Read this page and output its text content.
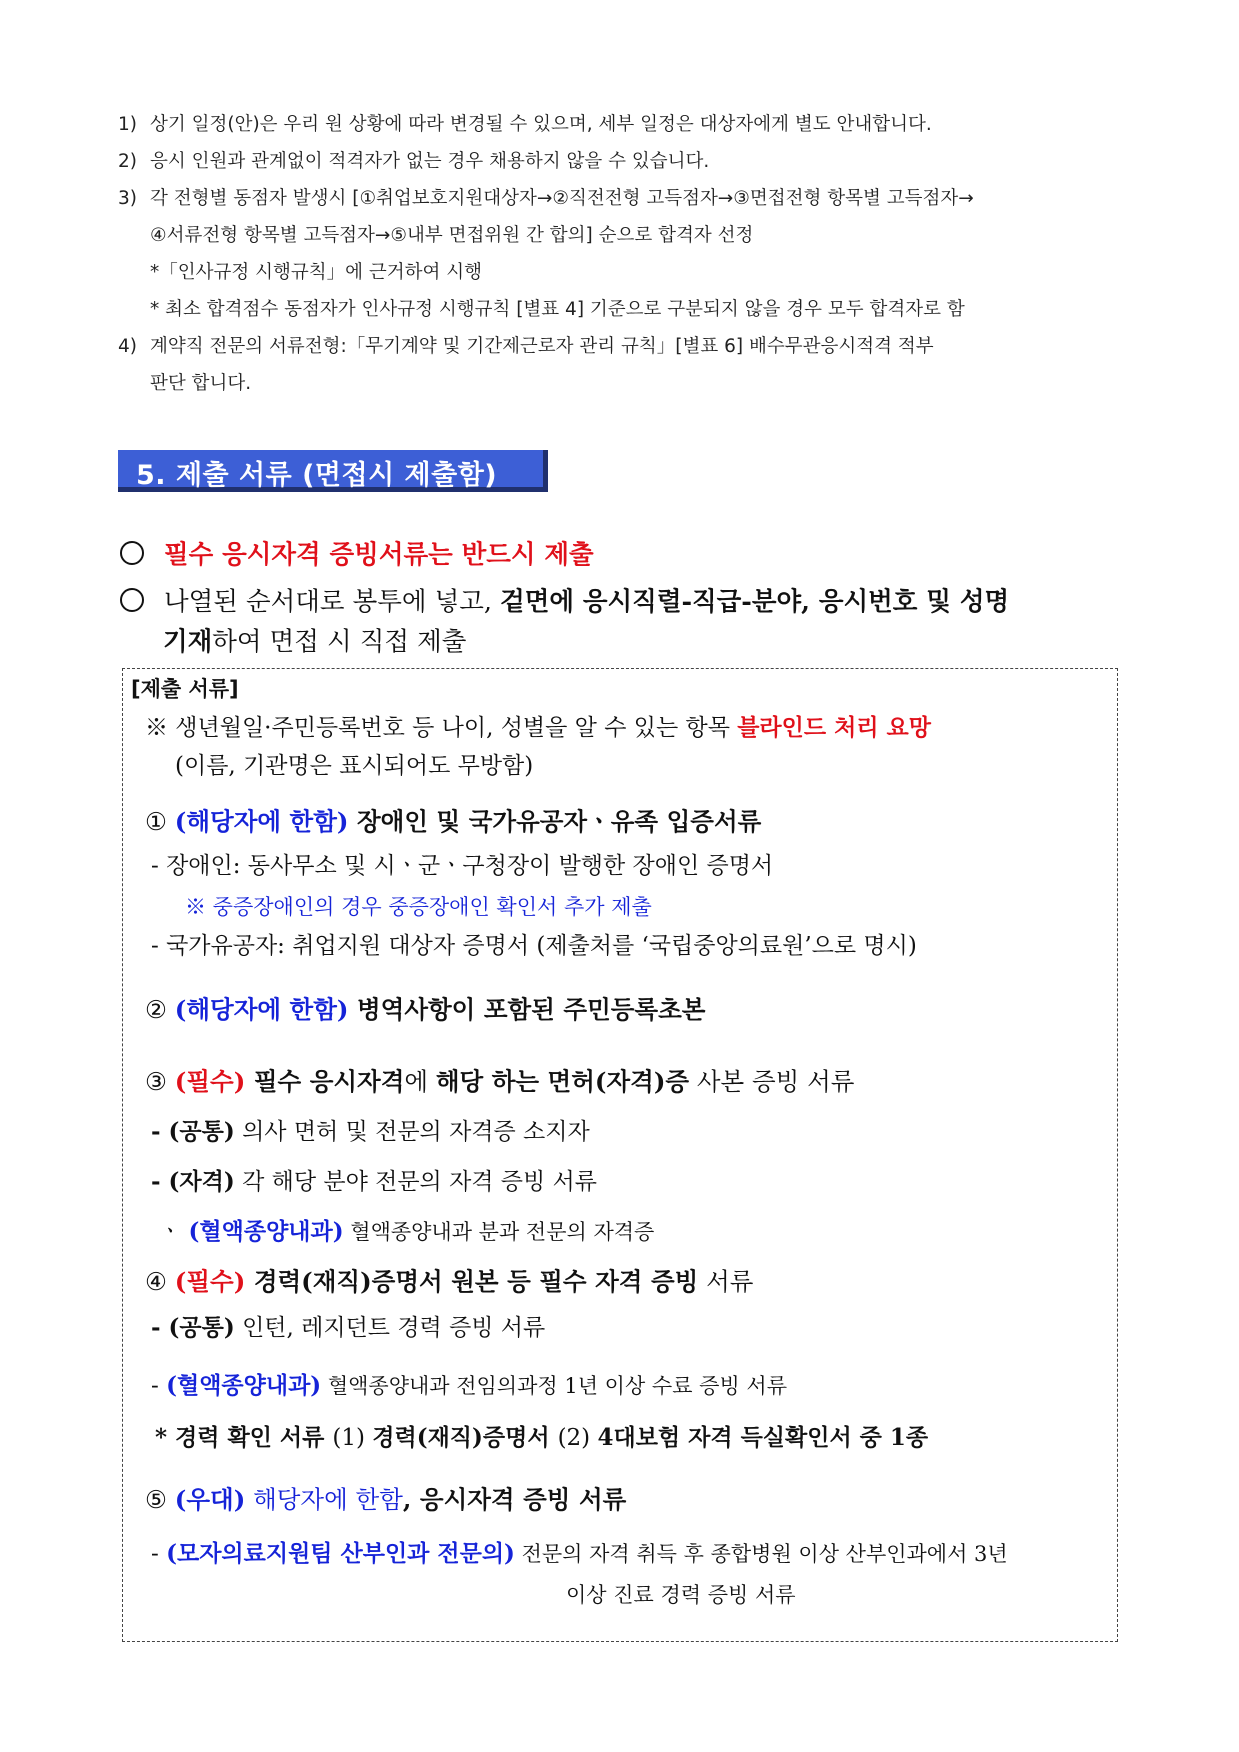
1) 상기 일정(안)은 우리 원 상황에 따라 변경될 수 있으며, 세부 일정은 대상자에게 별도 안내합니다.
2) 응시 인원과 관계없이 적격자가 없는 경우 채용하지 않을 수 있습니다.
3) 각 전형별 동점자 발생시 [①취업보호지원대상자→②직전전형 고득점자→③면접전형 항목별 고득점자→
④서류전형 항목별 고득점자→⑤내부 면접위원 간 합의] 순으로 합격자 선정
*「인사규정 시행규칙」에 근거하여 시행
* 최소 합격점수 동점자가 인사규정 시행규칙 [별표 4] 기준으로 구분되지 않을 경우 모두 합격자로 함
4) 계약직 전문의 서류전형:「무기계약 및 기간제근로자 관리 규칙」[별표 6] 배수무관응시적격 적부
판단 합니다.
5. 제출 서류 (면접시 제출함)
필수 응시자격 증빙서류는 반드시 제출
나열된 순서대로 봉투에 넣고, 겉면에 응시직렬-직급-분야, 응시번호 및 성명
기재하여 면접 시 직접 제출
[제출 서류]
※ 생년월일·주민등록번호 등 나이, 성별을 알 수 있는 항목 블라인드 처리 요망
(이름, 기관명은 표시되어도 무방함)
① (해당자에 한함) 장애인 및 국가유공자ㆍ유족 입증서류
- 장애인: 동사무소 및 시ㆍ군ㆍ구청장이 발행한 장애인 증명서
※ 중증장애인의 경우 중증장애인 확인서 추가 제출
- 국가유공자: 취업지원 대상자 증명서 (제출처를 ‘국립중앙의료원’으로 명시)
② (해당자에 한함) 병역사항이 포함된 주민등록초본
③ (필수) 필수 응시자격에 해당 하는 면허(자격)증 사본 증빙 서류
- (공통) 의사 면허 및 전문의 자격증 소지자
- (자격) 각 해당 분야 전문의 자격 증빙 서류
ㆍ (혈액종양내과) 혈액종양내과 분과 전문의 자격증
④ (필수) 경력(재직)증명서 원본 등 필수 자격 증빙 서류
- (공통) 인턴, 레지던트 경력 증빙 서류
- (혈액종양내과) 혈액종양내과 전임의과정 1년 이상 수료 증빙 서류
* 경력 확인 서류 (1) 경력(재직)증명서 (2) 4대보험 자격 득실확인서 중 1종
⑤ (우대) 해당자에 한함, 응시자격 증빙 서류
- (모자의료지원팀 산부인과 전문의) 전문의 자격 취득 후 종합병원 이상 산부인과에서 3년
이상 진료 경력 증빙 서류
